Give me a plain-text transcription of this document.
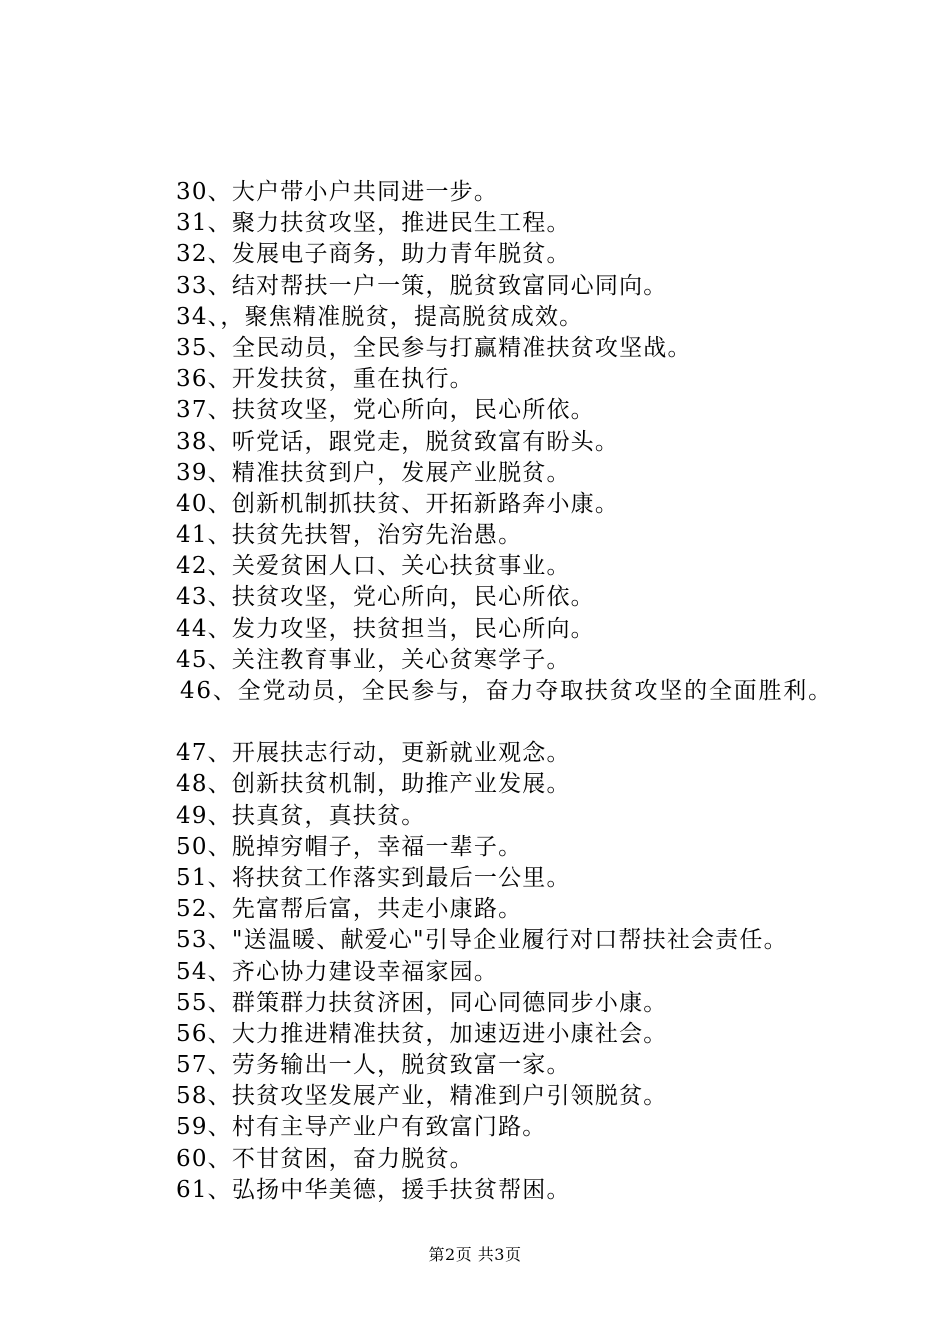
30、大户带小户共同进一步。
31、聚力扶贫攻坚，推进民生工程。
32、发展电子商务，助力青年脱贫。
33、结对帮扶一户一策，脱贫致富同心同向。
34、，聚焦精准脱贫，提高脱贫成效。
35、全民动员，全民参与打赢精准扶贫攻坚战。
36、开发扶贫，重在执行。
37、扶贫攻坚，党心所向，民心所依。
38、听党话，跟党走，脱贫致富有盼头。
39、精准扶贫到户，发展产业脱贫。
40、创新机制抓扶贫、开拓新路奔小康。
41、扶贫先扶智，治穷先治愚。
42、关爱贫困人口、关心扶贫事业。
43、扶贫攻坚，党心所向，民心所依。
44、发力攻坚，扶贫担当，民心所向。
45、关注教育事业，关心贫寒学子。
46、全党动员，全民参与，奋力夺取扶贫攻坚的全面胜利。
47、开展扶志行动，更新就业观念。
48、创新扶贫机制，助推产业发展。
49、扶真贫，真扶贫。
50、脱掉穷帽子，幸福一辈子。
51、将扶贫工作落实到最后一公里。
52、先富帮后富，共走小康路。
53、"送温暖、献爱心"引导企业履行对口帮扶社会责任。
54、齐心协力建设幸福家园。
55、群策群力扶贫济困，同心同德同步小康。
56、大力推进精准扶贫，加速迈进小康社会。
57、劳务输出一人，脱贫致富一家。
58、扶贫攻坚发展产业，精准到户引领脱贫。
59、村有主导产业户有致富门路。
60、不甘贫困，奋力脱贫。
61、弘扬中华美德，援手扶贫帮困。
第2页 共3页
